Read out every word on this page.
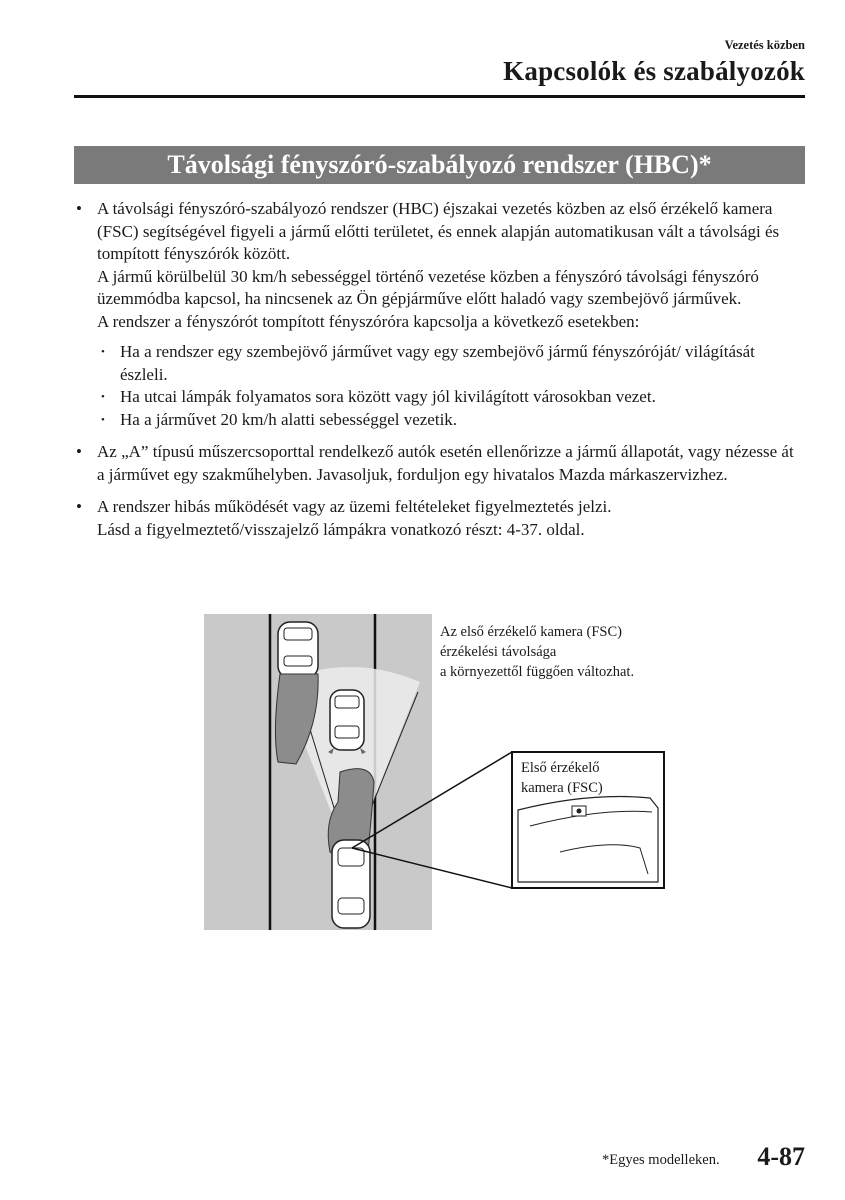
Vezetés közben
Kapcsolók és szabályozók
Távolsági fényszóró-szabályozó rendszer (HBC)*

• A távolsági fényszóró-szabályozó rendszer (HBC) éjszakai vezetés közben az első érzékelő kamera (FSC) segítségével figyeli a jármű előtti területet, és ennek alapján automatikusan vált a távolsági és tompított fényszórók között.

A jármű körülbelül 30 km/h sebességgel történő vezetése közben a fényszóró távolsági fényszóró üzemmódba kapcsol, ha nincsenek az Ön gépjárműve előtt haladó vagy szembejövő járművek.

A rendszer a fényszórót tompított fényszóróra kapcsolja a következő esetekben:

• Ha a rendszer egy szembejövő járművet vagy egy szembejövő jármű fényszóróját/ világítását észleli.
• Ha utcai lámpák folyamatos sora között vagy jól kivilágított városokban vezet.
• Ha a járművet 20 km/h alatti sebességgel vezetik.

• Az „A” típusú műszercsoporttal rendelkező autók esetén ellenőrizze a jármű állapotát, vagy nézesse át a járművet egy szakműhelyben. Javasoljuk, forduljon egy hivatalos Mazda márkaszervizhez.

• A rendszer hibás működését vagy az üzemi feltételeket figyelmeztetés jelzi.

Lásd a figyelmeztető/visszajelző lámpákra vonatkozó részt: 4-37. oldal.

Az első érzékelő kamera (FSC)
érzékelési távolsága
a környezettől függően változhat.
Első érzékelő
kamera (FSC)
*Egyes modelleken. 4-87
